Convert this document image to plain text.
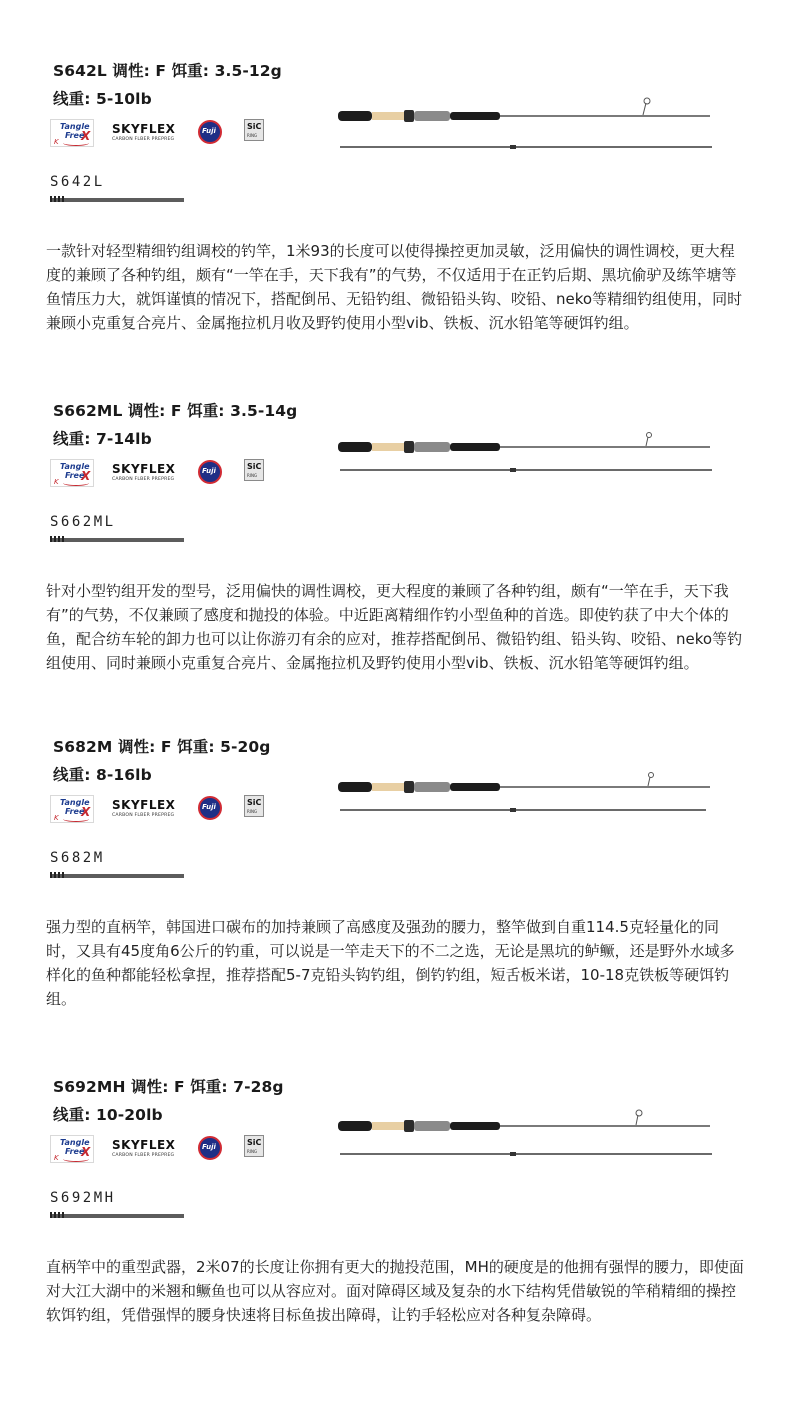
S642L 调性: F 饵重: 3.5-12g
线重: 5-10lb
Tangle
Free
K X SKYFLEX
CARBON FLBER PREPREG
Fuji	SiC
RING
S642L

一款针对轻型精细钓组调校的钓竿，1米93的长度可以使得操控更加灵敏，泛用偏快的调性调校，更大程度的兼顾了各种钓组，颇有“一竿在手，天下我有”的气势，不仅适用于在正钓后期、黑坑偷驴及练竿塘等鱼情压力大，就饵谨慎的情况下，搭配倒吊、无铅钓组、微铅铅头钩、咬铅、neko等精细钓组使用，同时兼顾小克重复合亮片、金属拖拉机月收及野钓使用小型vib、铁板、沉水铅笔等硬饵钓组。

S662ML 调性: F 饵重: 3.5-14g
线重: 7-14lb
Tangle
Free
K X SKYFLEX
CARBON FLBER PREPREG
Fuji	SiC
RING
S662ML

针对小型钓组开发的型号，泛用偏快的调性调校，更大程度的兼顾了各种钓组，颇有“一竿在手，天下我有”的气势，不仅兼顾了感度和抛投的体验。中近距离精细作钓小型鱼种的首选。即使钓获了中大个体的鱼，配合纺车轮的卸力也可以让你游刃有余的应对，推荐搭配倒吊、微铅钓组、铅头钩、咬铅、neko等钓组使用、同时兼顾小克重复合亮片、金属拖拉机及野钓使用小型vib、铁板、沉水铅笔等硬饵钓组。

S682M 调性: F 饵重: 5-20g
线重: 8-16lb
Tangle
Free
K X SKYFLEX
CARBON FLBER PREPREG
Fuji	SiC
RING
S682M

强力型的直柄竿，韩国进口碳布的加持兼顾了高感度及强劲的腰力，整竿做到自重114.5克轻量化的同时，又具有45度角6公斤的钓重，可以说是一竿走天下的不二之选，无论是黑坑的鲈鳜，还是野外水域多样化的鱼种都能轻松拿捏，推荐搭配5-7克铅头钩钓组，倒钓钓组，短舌板米诺，10-18克铁板等硬饵钓组。

S692MH 调性: F 饵重: 7-28g
线重: 10-20lb
Tangle
Free
K X SKYFLEX
CARBON FLBER PREPREG
Fuji	SiC
RING
S692MH

直柄竿中的重型武器，2米07的长度让你拥有更大的抛投范围，MH的硬度是的他拥有强悍的腰力，即使面对大江大湖中的米翘和鳜鱼也可以从容应对。面对障碍区域及复杂的水下结构凭借敏锐的竿稍精细的操控软饵钓组，凭借强悍的腰身快速将目标鱼拔出障碍，让钓手轻松应对各种复杂障碍。
